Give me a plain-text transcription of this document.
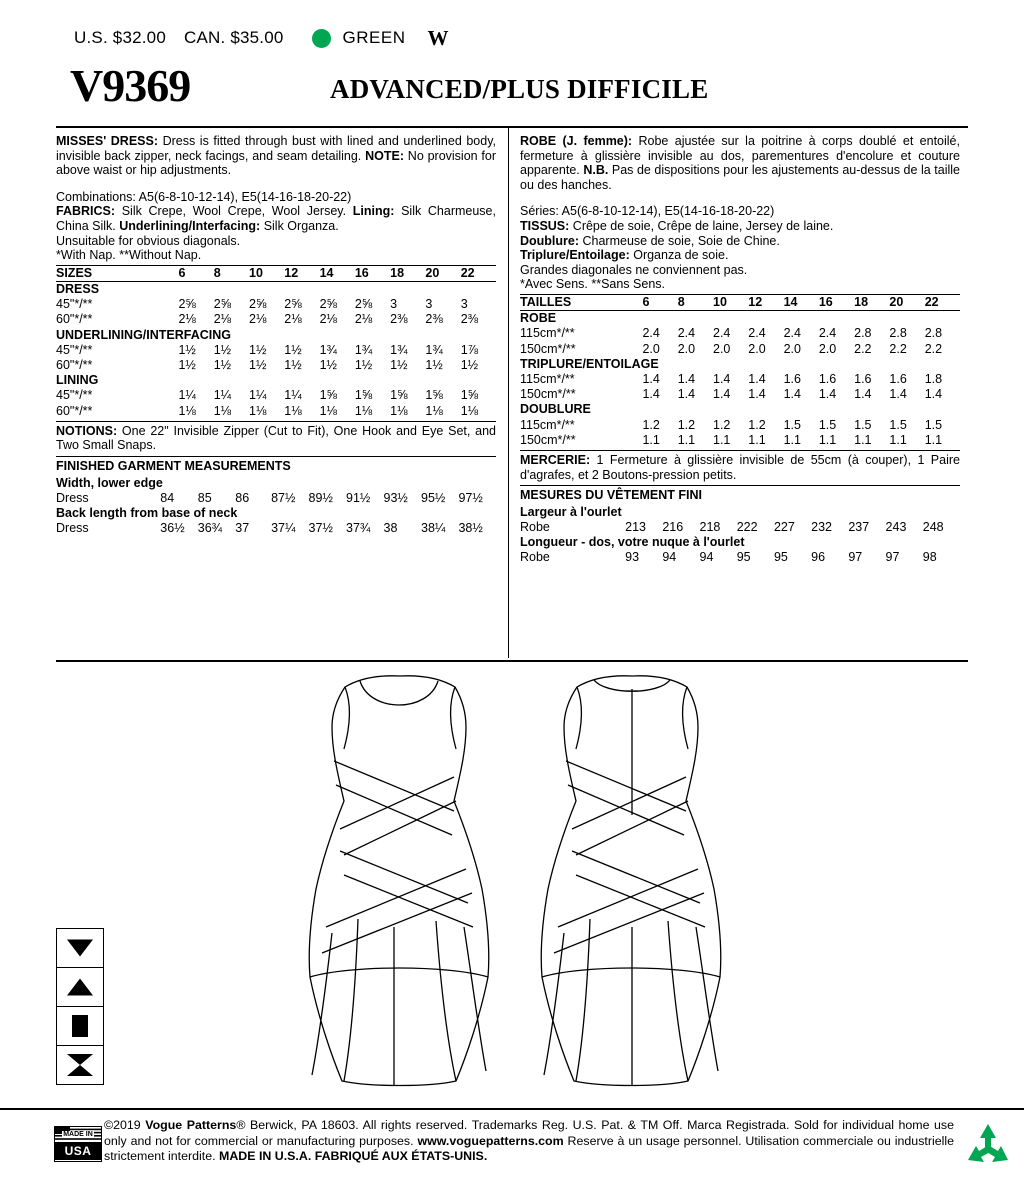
U.S. $32.00 CAN. $35.00	GREEN W
V9369	ADVANCED/PLUS DIFFICILE

MISSES' DRESS: Dress is fitted through bust with lined and underlined body, invisible back zipper, neck facings, and seam detailing. NOTE: No provision for above waist or hip adjustments.

Combinations: A5(6-8-10-12-14), E5(14-16-18-20-22)

FABRICS: Silk Crepe, Wool Crepe, Wool Jersey. Lining: Silk Charmeuse, China Silk. Underlining/Interfacing: Silk Organza.

Unsuitable for obvious diagonals.

*With Nap. **Without Nap.

SIZES	6	8	10	12	14	16	18	20	22
DRESS									
45"*/**	2⅝	2⅝	2⅝	2⅝	2⅝	2⅝	3	3	3
60"*/**	2⅛	2⅛	2⅛	2⅛	2⅛	2⅛	2⅜	2⅜	2⅜
UNDERLINING/INTERFACING									
45"*/**	1½	1½	1½	1½	1¾	1¾	1¾	1¾	1⅞
60"*/**	1½	1½	1½	1½	1½	1½	1½	1½	1½
LINING									
45"*/**	1¼	1¼	1¼	1¼	1⅝	1⅝	1⅝	1⅝	1⅝
60"*/**	1⅛	1⅛	1⅛	1⅛	1⅛	1⅛	1⅛	1⅛	1⅛

NOTIONS: One 22" Invisible Zipper (Cut to Fit), One Hook and Eye Set, and Two Small Snaps.

FINISHED GARMENT MEASUREMENTS

Width, lower edge									
Dress	84	85	86	87½	89½	91½	93½	95½	97½
Back length from base of neck									
Dress	36½	36¾	37	37¼	37½	37¾	38	38¼	38½

ROBE (J. femme): Robe ajustée sur la poitrine à corps doublé et entoilé, fermeture à glissière invisible au dos, parementures d'encolure et couture apparente. N.B. Pas de dispositions pour les ajustements au-dessus de la taille ou des hanches.

Séries: A5(6-8-10-12-14), E5(14-16-18-20-22)

TISSUS: Crêpe de soie, Crêpe de laine, Jersey de laine.

Doublure: Charmeuse de soie, Soie de Chine.

Triplure/Entoilage: Organza de soie.

Grandes diagonales ne conviennent pas.

*Avec Sens. **Sans Sens.

TAILLES	6	8	10	12	14	16	18	20	22
ROBE									
115cm*/**	2.4	2.4	2.4	2.4	2.4	2.4	2.8	2.8	2.8
150cm*/**	2.0	2.0	2.0	2.0	2.0	2.0	2.2	2.2	2.2
TRIPLURE/ENTOILAGE									
115cm*/**	1.4	1.4	1.4	1.4	1.6	1.6	1.6	1.6	1.8
150cm*/**	1.4	1.4	1.4	1.4	1.4	1.4	1.4	1.4	1.4
DOUBLURE									
115cm*/**	1.2	1.2	1.2	1.2	1.5	1.5	1.5	1.5	1.5
150cm*/**	1.1	1.1	1.1	1.1	1.1	1.1	1.1	1.1	1.1

MERCERIE: 1 Fermeture à glissière invisible de 55cm (à couper), 1 Paire d'agrafes, et 2 Boutons-pression petits.

MESURES DU VÊTEMENT FINI

Largeur à l'ourlet									
Robe	213	216	218	222	227	232	237	243	248
Longueur - dos, votre nuque à l'ourlet									
Robe	93	94	94	95	95	96	97	97	98
MADE IN
USA
©2019 Vogue Patterns® Berwick, PA 18603. All rights reserved. Trademarks Reg. U.S. Pat. & TM Off. Marca Registrada. Sold for individual home use only and not for commercial or manufacturing purposes. www.voguepatterns.com Reserve à un usage personnel. Utilisation commerciale ou industrielle strictement interdite. MADE IN U.S.A. FABRIQUÉ AUX ÉTATS-UNIS.
